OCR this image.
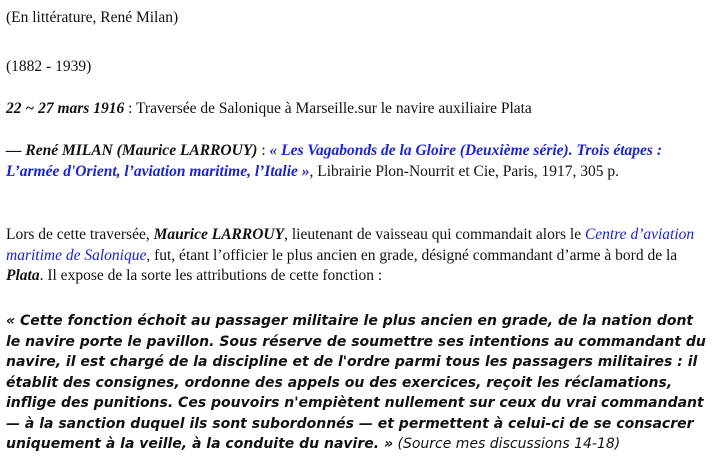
(En littérature, René Milan)

(1882 - 1939)

22 ~ 27 mars 1916 : Traversée de Salonique à Marseille.sur le navire auxiliaire Plata

— René MILAN (Maurice LARROUY) : « Les Vagabonds de la Gloire (Deuxième série). Trois étapes : L’armée d'Orient, l’aviation maritime, l’Italie », Librairie Plon-Nourrit et Cie, Paris, 1917, 305 p.

Lors de cette traversée, Maurice LARROUY, lieutenant de vaisseau qui commandait alors le Centre d’aviation maritime de Salonique, fut, étant l’officier le plus ancien en grade, désigné commandant d’arme à bord de la Plata. Il expose de la sorte les attributions de cette fonction :

« Cette fonction échoit au passager militaire le plus ancien en grade, de la nation dont le navire porte le pavillon. Sous réserve de soumettre ses intentions au commandant du navire, il est chargé de la discipline et de l'ordre parmi tous les passagers militaires : il établit des consignes, ordonne des appels ou des exercices, reçoit les réclamations, inflige des punitions. Ces pouvoirs n'empiètent nullement sur ceux du vrai commandant — à la sanction duquel ils sont subordonnés — et permettent à celui-ci de se consacrer uniquement à la veille, à la conduite du navire. » (Source mes discussions 14-18)
